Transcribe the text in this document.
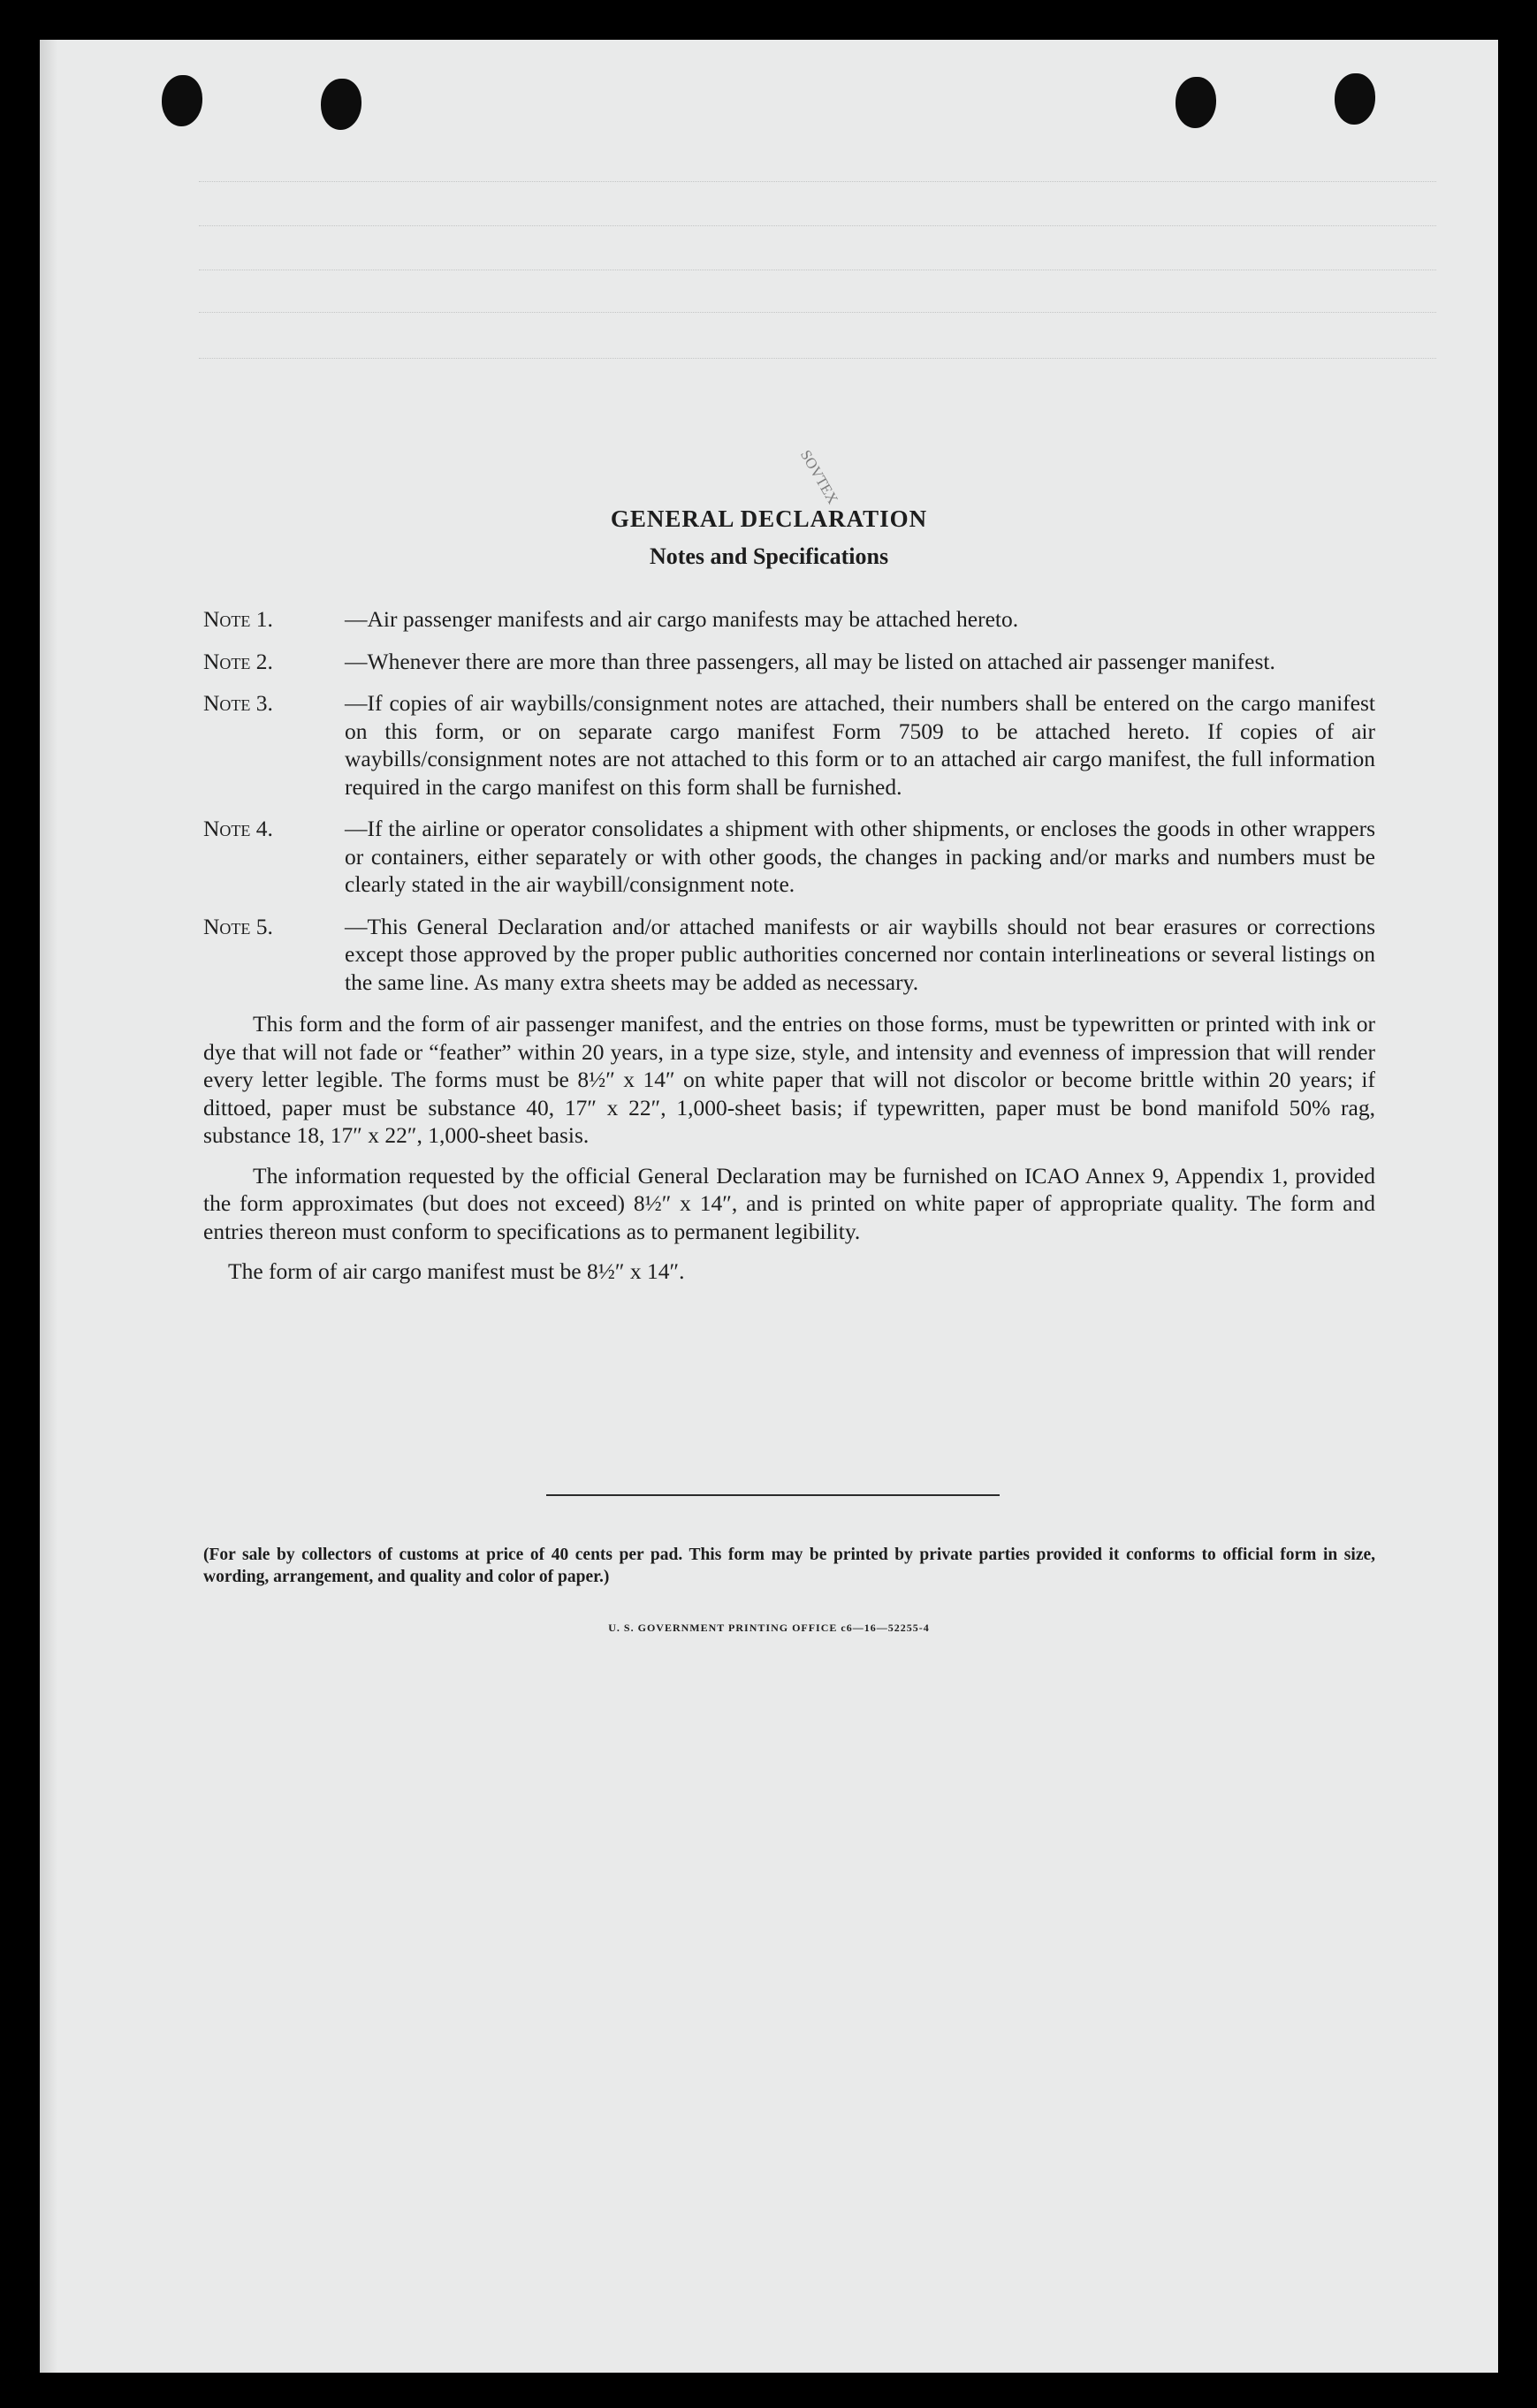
SOVTEX
GENERAL DECLARATION
Notes and Specifications
Note 1.	—Air passenger manifests and air cargo manifests may be attached hereto.
Note 2.	—Whenever there are more than three passengers, all may be listed on attached air passenger manifest.
Note 3.	—If copies of air waybills/consignment notes are attached, their numbers shall be entered on the cargo manifest on this form, or on separate cargo manifest Form 7509 to be attached hereto. If copies of air waybills/consignment notes are not attached to this form or to an attached air cargo manifest, the full information required in the cargo manifest on this form shall be furnished.
Note 4.	—If the airline or operator consolidates a shipment with other shipments, or encloses the goods in other wrappers or containers, either separately or with other goods, the changes in packing and/or marks and numbers must be clearly stated in the air waybill/consignment note.
Note 5.	—This General Declaration and/or attached manifests or air waybills should not bear erasures or corrections except those approved by the proper public authorities concerned nor contain interlineations or several listings on the same line. As many extra sheets may be added as necessary.

This form and the form of air passenger manifest, and the entries on those forms, must be typewritten or printed with ink or dye that will not fade or “feather” within 20 years, in a type size, style, and intensity and evenness of impression that will render every letter legible. The forms must be 8½″ x 14″ on white paper that will not discolor or become brittle within 20 years; if dittoed, paper must be substance 40, 17″ x 22″, 1,000-sheet basis; if typewritten, paper must be bond manifold 50% rag, substance 18, 17″ x 22″, 1,000-sheet basis.

The information requested by the official General Declaration may be furnished on ICAO Annex 9, Appendix 1, provided the form approximates (but does not exceed) 8½″ x 14″, and is printed on white paper of appropriate quality. The form and entries thereon must conform to specifications as to permanent legibility.

The form of air cargo manifest must be 8½″ x 14″.

(For sale by collectors of customs at price of 40 cents per pad. This form may be printed by private parties provided it conforms to official form in size, wording, arrangement, and quality and color of paper.)
U. S. GOVERNMENT PRINTING OFFICE c6—16—52255-4
